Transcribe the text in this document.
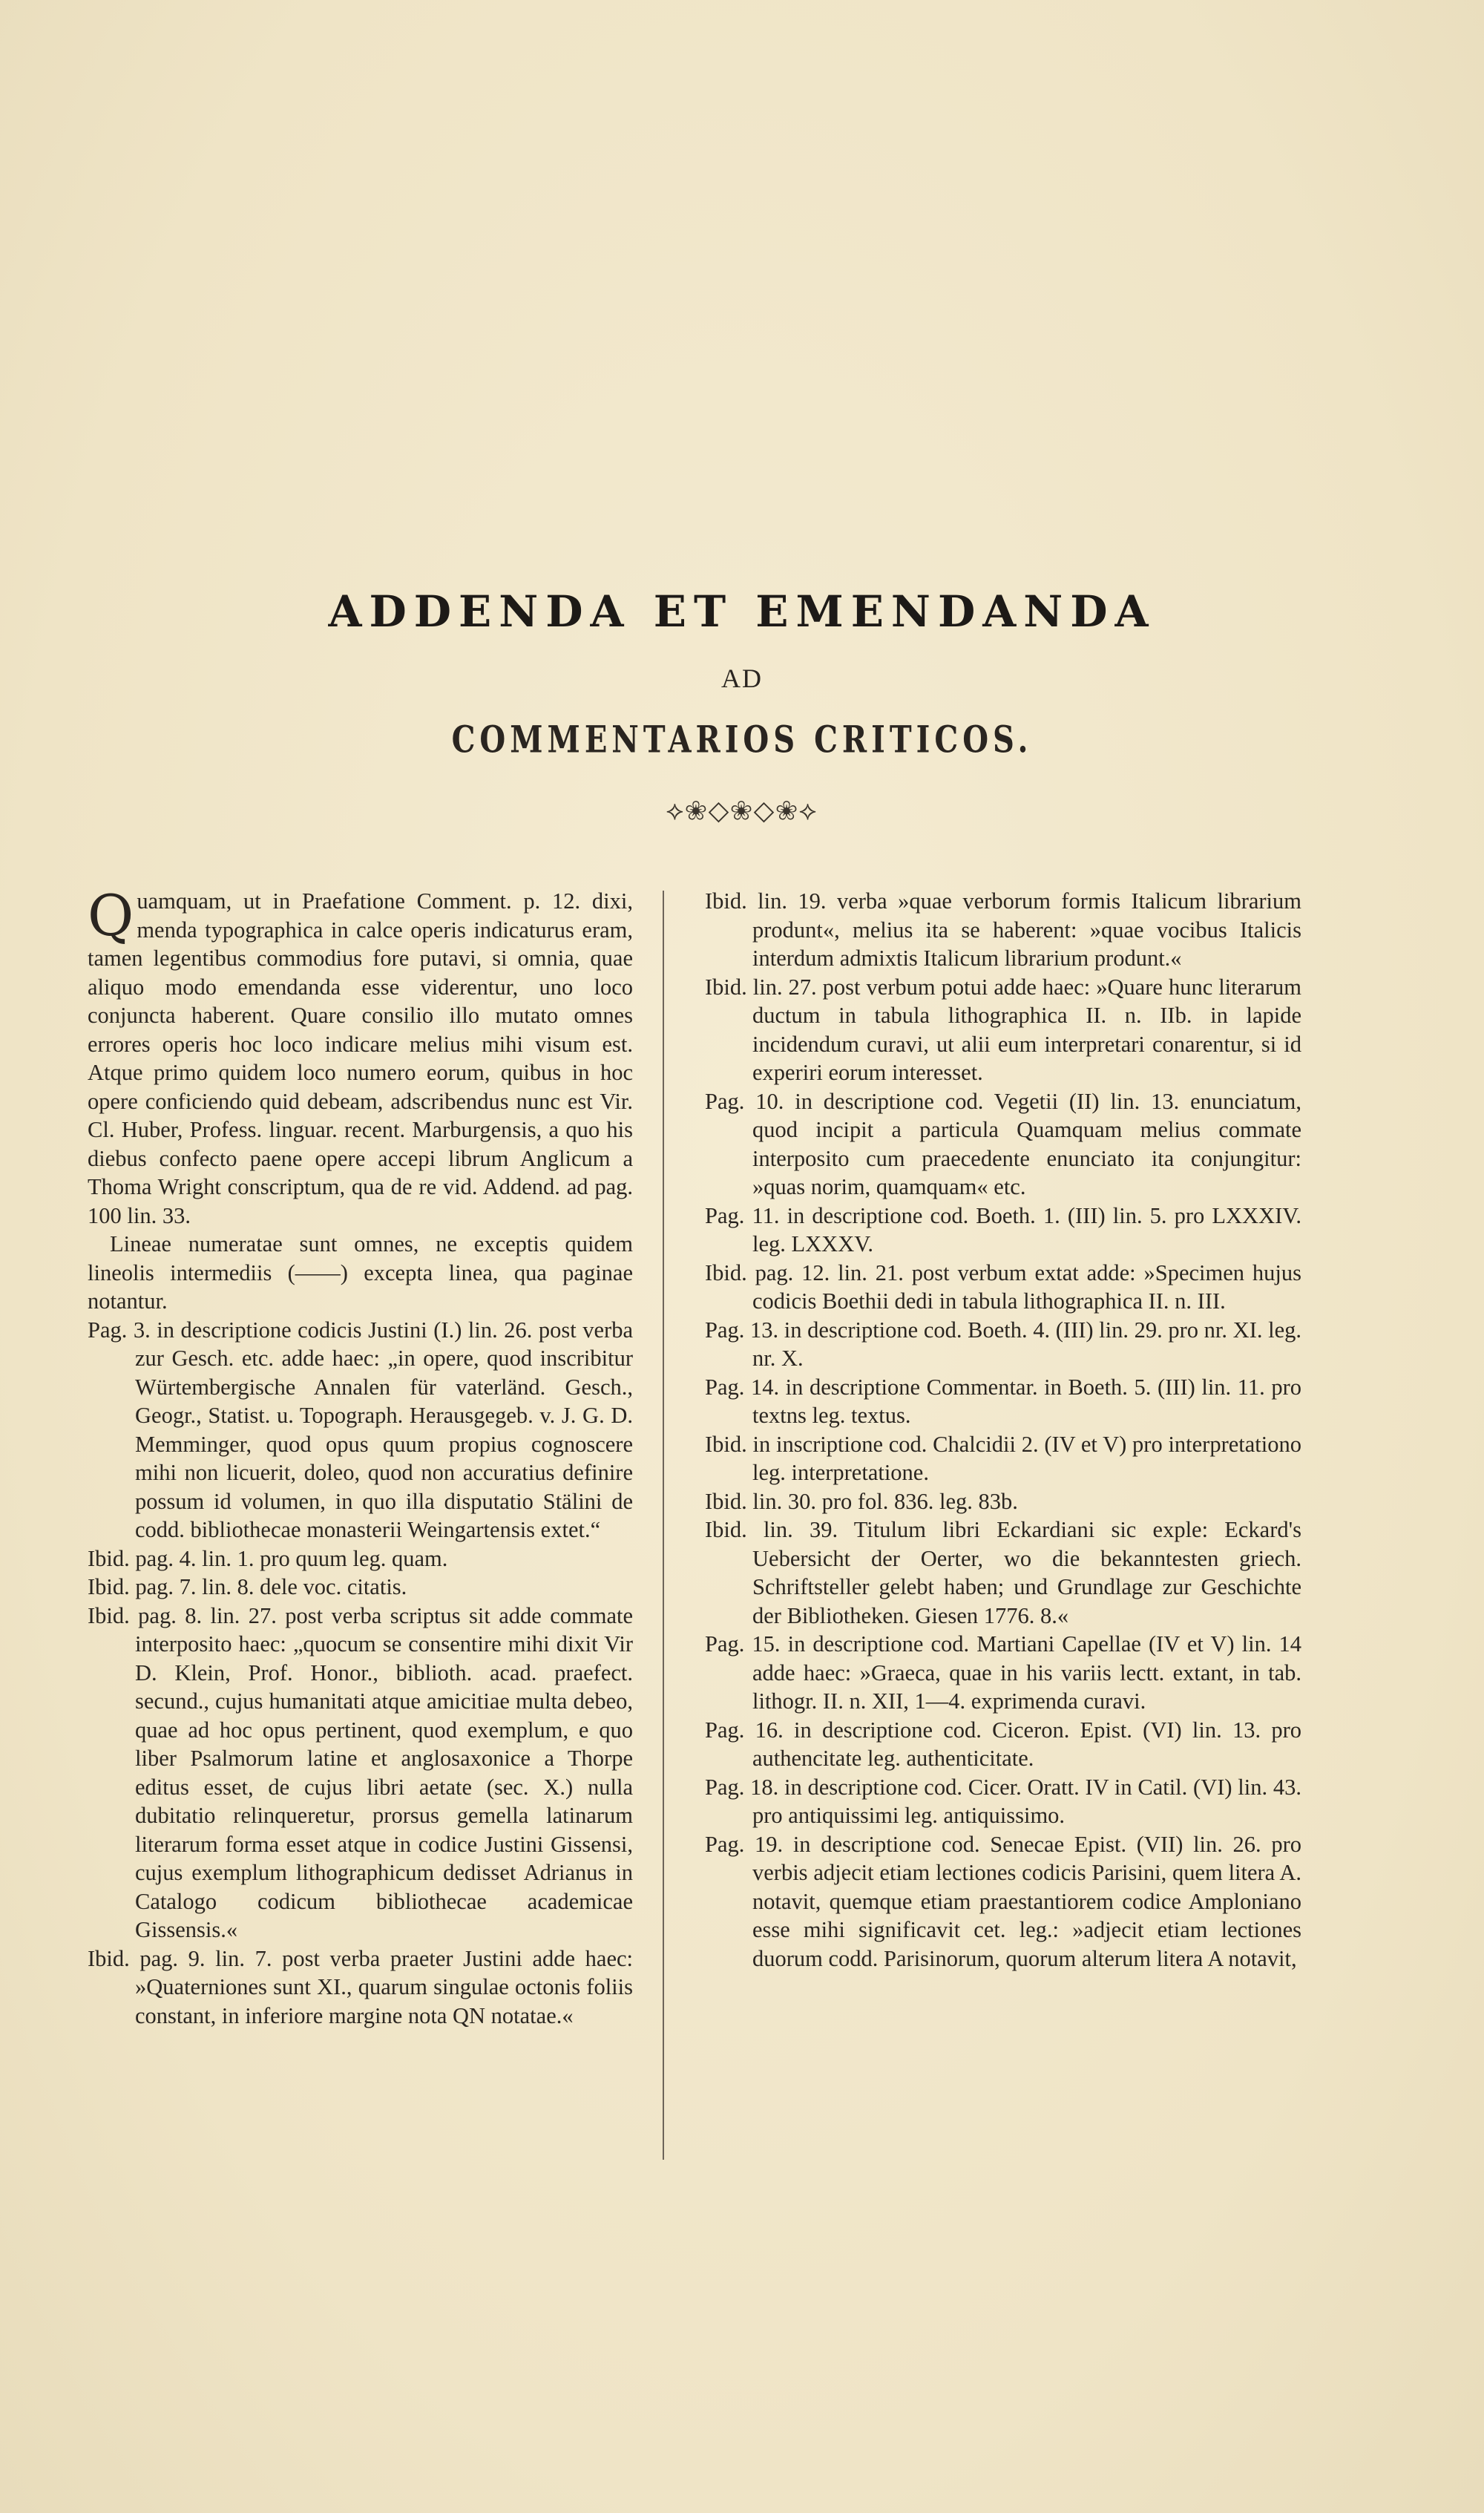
ADDENDA ET EMENDANDA
AD
COMMENTARIOS CRITICOS.
⟡❀◇❀◇❀⟡

Quamquam, ut in Praefatione Comment. p. 12. dixi, menda typographica in calce operis indicaturus eram, tamen legentibus commodius fore putavi, si omnia, quae aliquo modo emendanda esse viderentur, uno loco conjuncta haberent. Quare consilio illo mutato omnes errores operis hoc loco indicare melius mihi visum est. Atque primo quidem loco numero eorum, quibus in hoc opere conficiendo quid debeam, adscribendus nunc est Vir. Cl. Huber, Profess. linguar. recent. Marburgensis, a quo his diebus confecto paene opere accepi librum Anglicum a Thoma Wright conscriptum, qua de re vid. Addend. ad pag. 100 lin. 33.

Lineae numeratae sunt omnes, ne exceptis quidem lineolis intermediis (——) excepta linea, qua paginae notantur.

Pag. 3. in descriptione codicis Justini (I.) lin. 26. post verba zur Gesch. etc. adde haec: „in opere, quod inscribitur Würtembergische Annalen für vaterländ. Gesch., Geogr., Statist. u. Topograph. Herausgegeb. v. J. G. D. Memminger, quod opus quum propius cognoscere mihi non licuerit, doleo, quod non accuratius definire possum id volumen, in quo illa disputatio Stälini de codd. bibliothecae monasterii Weingartensis extet.“

Ibid. pag. 4. lin. 1. pro quum leg. quam.

Ibid. pag. 7. lin. 8. dele voc. citatis.

Ibid. pag. 8. lin. 27. post verba scriptus sit adde commate interposito haec: „quocum se consentire mihi dixit Vir D. Klein, Prof. Honor., biblioth. acad. praefect. secund., cujus humanitati atque amicitiae multa debeo, quae ad hoc opus pertinent, quod exemplum, e quo liber Psalmorum latine et anglosaxonice a Thorpe editus esset, de cujus libri aetate (sec. X.) nulla dubitatio relinqueretur, prorsus gemella latinarum literarum forma esset atque in codice Justini Gissensi, cujus exemplum lithographicum dedisset Adrianus in Catalogo codicum bibliothecae academicae Gissensis.«

Ibid. pag. 9. lin. 7. post verba praeter Justini adde haec: »Quaterniones sunt XI., quarum singulae octonis foliis constant, in inferiore margine nota QN notatae.«

Ibid. lin. 19. verba »quae verborum formis Italicum librarium produnt«, melius ita se haberent: »quae vocibus Italicis interdum admixtis Italicum librarium produnt.«

Ibid. lin. 27. post verbum potui adde haec: »Quare hunc literarum ductum in tabula lithographica II. n. IIb. in lapide incidendum curavi, ut alii eum interpretari conarentur, si id experiri eorum interesset.

Pag. 10. in descriptione cod. Vegetii (II) lin. 13. enunciatum, quod incipit a particula Quamquam melius commate interposito cum praecedente enunciato ita conjungitur: »quas norim, quamquam« etc.

Pag. 11. in descriptione cod. Boeth. 1. (III) lin. 5. pro LXXXIV. leg. LXXXV.

Ibid. pag. 12. lin. 21. post verbum extat adde: »Specimen hujus codicis Boethii dedi in tabula lithographica II. n. III.

Pag. 13. in descriptione cod. Boeth. 4. (III) lin. 29. pro nr. XI. leg. nr. X.

Pag. 14. in descriptione Commentar. in Boeth. 5. (III) lin. 11. pro textns leg. textus.

Ibid. in inscriptione cod. Chalcidii 2. (IV et V) pro interpretationo leg. interpretatione.

Ibid. lin. 30. pro fol. 836. leg. 83b.

Ibid. lin. 39. Titulum libri Eckardiani sic exple: Eckard's Uebersicht der Oerter, wo die bekanntesten griech. Schriftsteller gelebt haben; und Grundlage zur Geschichte der Bibliotheken. Giesen 1776. 8.«

Pag. 15. in descriptione cod. Martiani Capellae (IV et V) lin. 14 adde haec: »Graeca, quae in his variis lectt. extant, in tab. lithogr. II. n. XII, 1—4. exprimenda curavi.

Pag. 16. in descriptione cod. Ciceron. Epist. (VI) lin. 13. pro authencitate leg. authenticitate.

Pag. 18. in descriptione cod. Cicer. Oratt. IV in Catil. (VI) lin. 43. pro antiquissimi leg. antiquissimo.

Pag. 19. in descriptione cod. Senecae Epist. (VII) lin. 26. pro verbis adjecit etiam lectiones codicis Parisini, quem litera A. notavit, quemque etiam praestantiorem codice Amploniano esse mihi significavit cet. leg.: »adjecit etiam lectiones duorum codd. Parisinorum, quorum alterum litera A notavit,
